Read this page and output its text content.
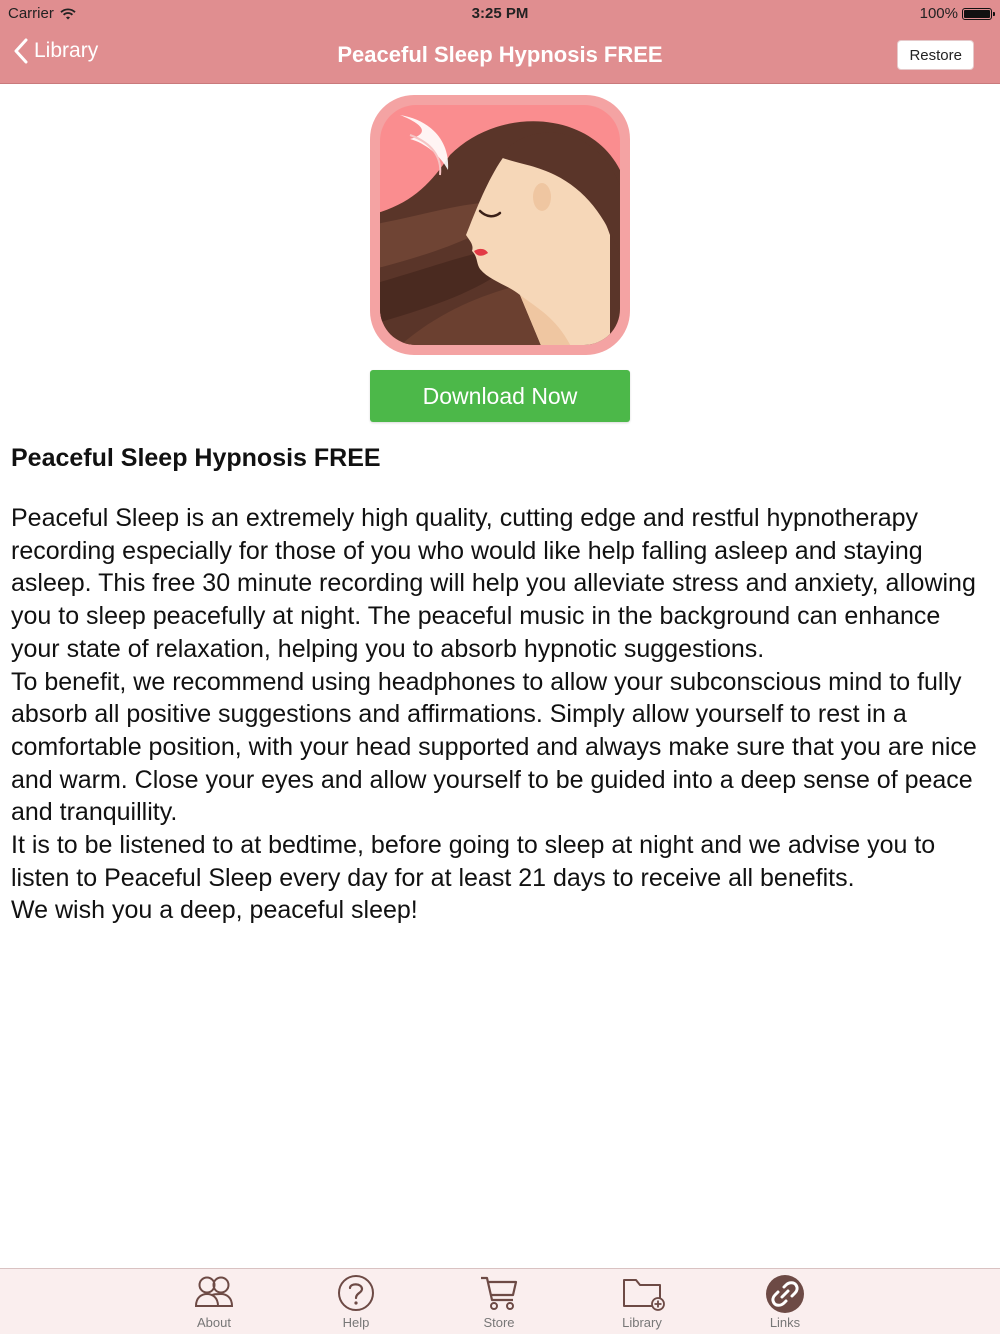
Carrier	3:25 PM	100%
Library	Peaceful Sleep Hypnosis FREE	Restore
Download Now
Peaceful Sleep Hypnosis FREE

Peaceful Sleep is an extremely high quality, cutting edge and restful hypnotherapy recording especially for those of you who would like help falling asleep and staying asleep. This free 30 minute recording will help you alleviate stress and anxiety, allowing you to sleep peacefully at night. The peaceful music in the background can enhance your state of relaxation, helping you to absorb hypnotic suggestions.

To benefit, we recommend using headphones to allow your subconscious mind to fully absorb all positive suggestions and affirmations. Simply allow yourself to rest in a comfortable position, with your head supported and always make sure that you are nice and warm. Close your eyes and allow yourself to be guided into a deep sense of peace and tranquillity.

It is to be listened to at bedtime, before going to sleep at night and we advise you to listen to Peaceful Sleep every day for at least 21 days to receive all benefits.

We wish you a deep, peaceful sleep!

About	Help	Store	Library	Links
